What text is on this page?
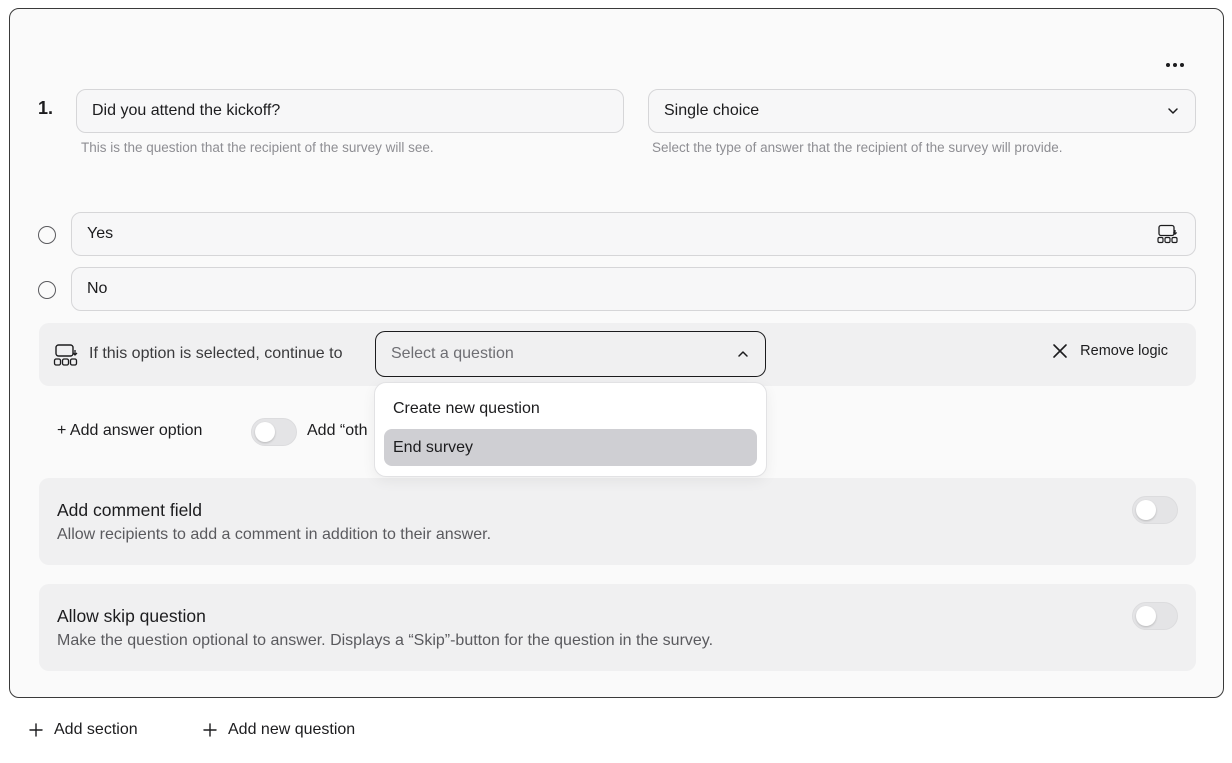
1. Did you attend the kickoff?
This is the question that the recipient of the survey will see.
Single choice
Select the type of answer that the recipient of the survey will provide.
Yes
No
If this option is selected, continue to	Select a question	Remove logic
+ Add answer option	Add “oth
Create new question
End survey
Add comment field
Allow recipients to add a comment in addition to their answer.
Allow skip question
Make the question optional to answer. Displays a “Skip”-button for the question in the survey.
Add section	Add new question
